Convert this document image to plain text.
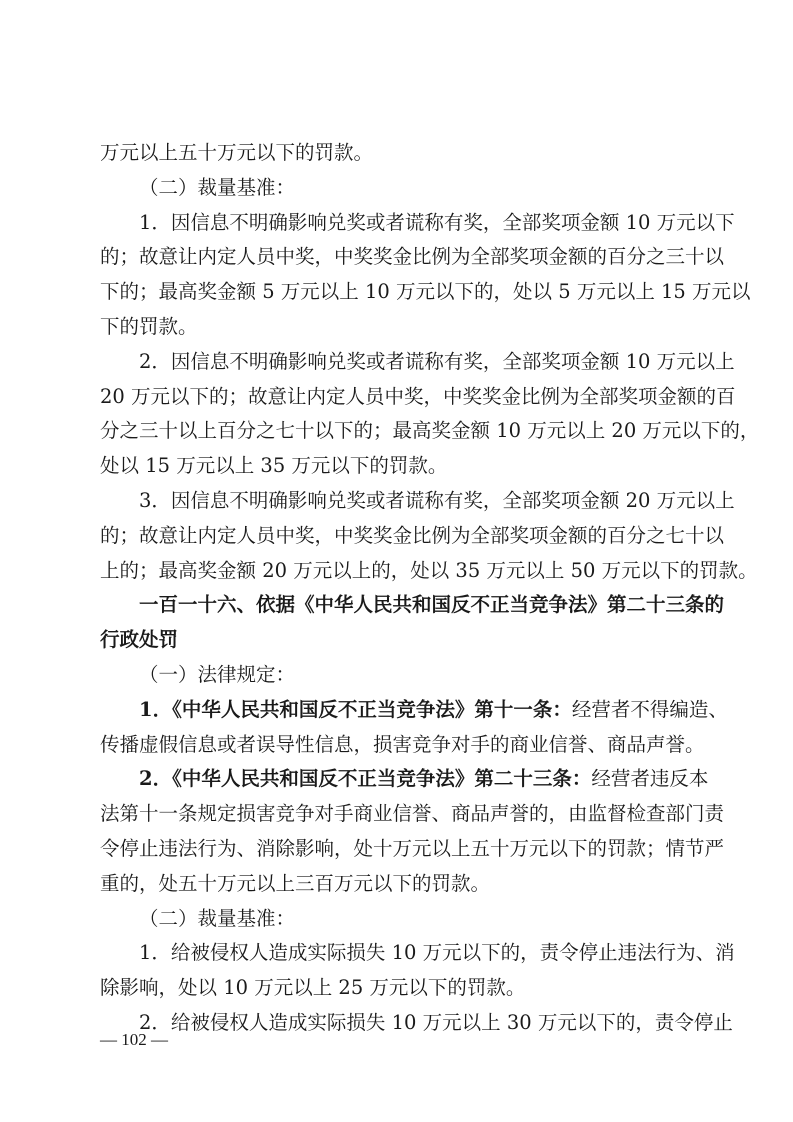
万元以上五十万元以下的罚款。
（二）裁量基准：
1．因信息不明确影响兑奖或者谎称有奖，全部奖项金额 10 万元以下
的；故意让内定人员中奖，中奖奖金比例为全部奖项金额的百分之三十以
下的；最高奖金额 5 万元以上 10 万元以下的，处以 5 万元以上 15 万元以
下的罚款。
2．因信息不明确影响兑奖或者谎称有奖，全部奖项金额 10 万元以上
20 万元以下的；故意让内定人员中奖，中奖奖金比例为全部奖项金额的百
分之三十以上百分之七十以下的；最高奖金额 10 万元以上 20 万元以下的，
处以 15 万元以上 35 万元以下的罚款。
3．因信息不明确影响兑奖或者谎称有奖，全部奖项金额 20 万元以上
的；故意让内定人员中奖，中奖奖金比例为全部奖项金额的百分之七十以
上的；最高奖金额 20 万元以上的，处以 35 万元以上 50 万元以下的罚款。
一百一十六、依据《中华人民共和国反不正当竞争法》第二十三条的
行政处罚
（一）法律规定：
1．《中华人民共和国反不正当竞争法》第十一条：经营者不得编造、
传播虚假信息或者误导性信息，损害竞争对手的商业信誉、商品声誉。
2．《中华人民共和国反不正当竞争法》第二十三条：经营者违反本
法第十一条规定损害竞争对手商业信誉、商品声誉的，由监督检查部门责
令停止违法行为、消除影响，处十万元以上五十万元以下的罚款；情节严
重的，处五十万元以上三百万元以下的罚款。
（二）裁量基准：
1．给被侵权人造成实际损失 10 万元以下的，责令停止违法行为、消
除影响，处以 10 万元以上 25 万元以下的罚款。
2．给被侵权人造成实际损失 10 万元以上 30 万元以下的，责令停止
— 102 —
